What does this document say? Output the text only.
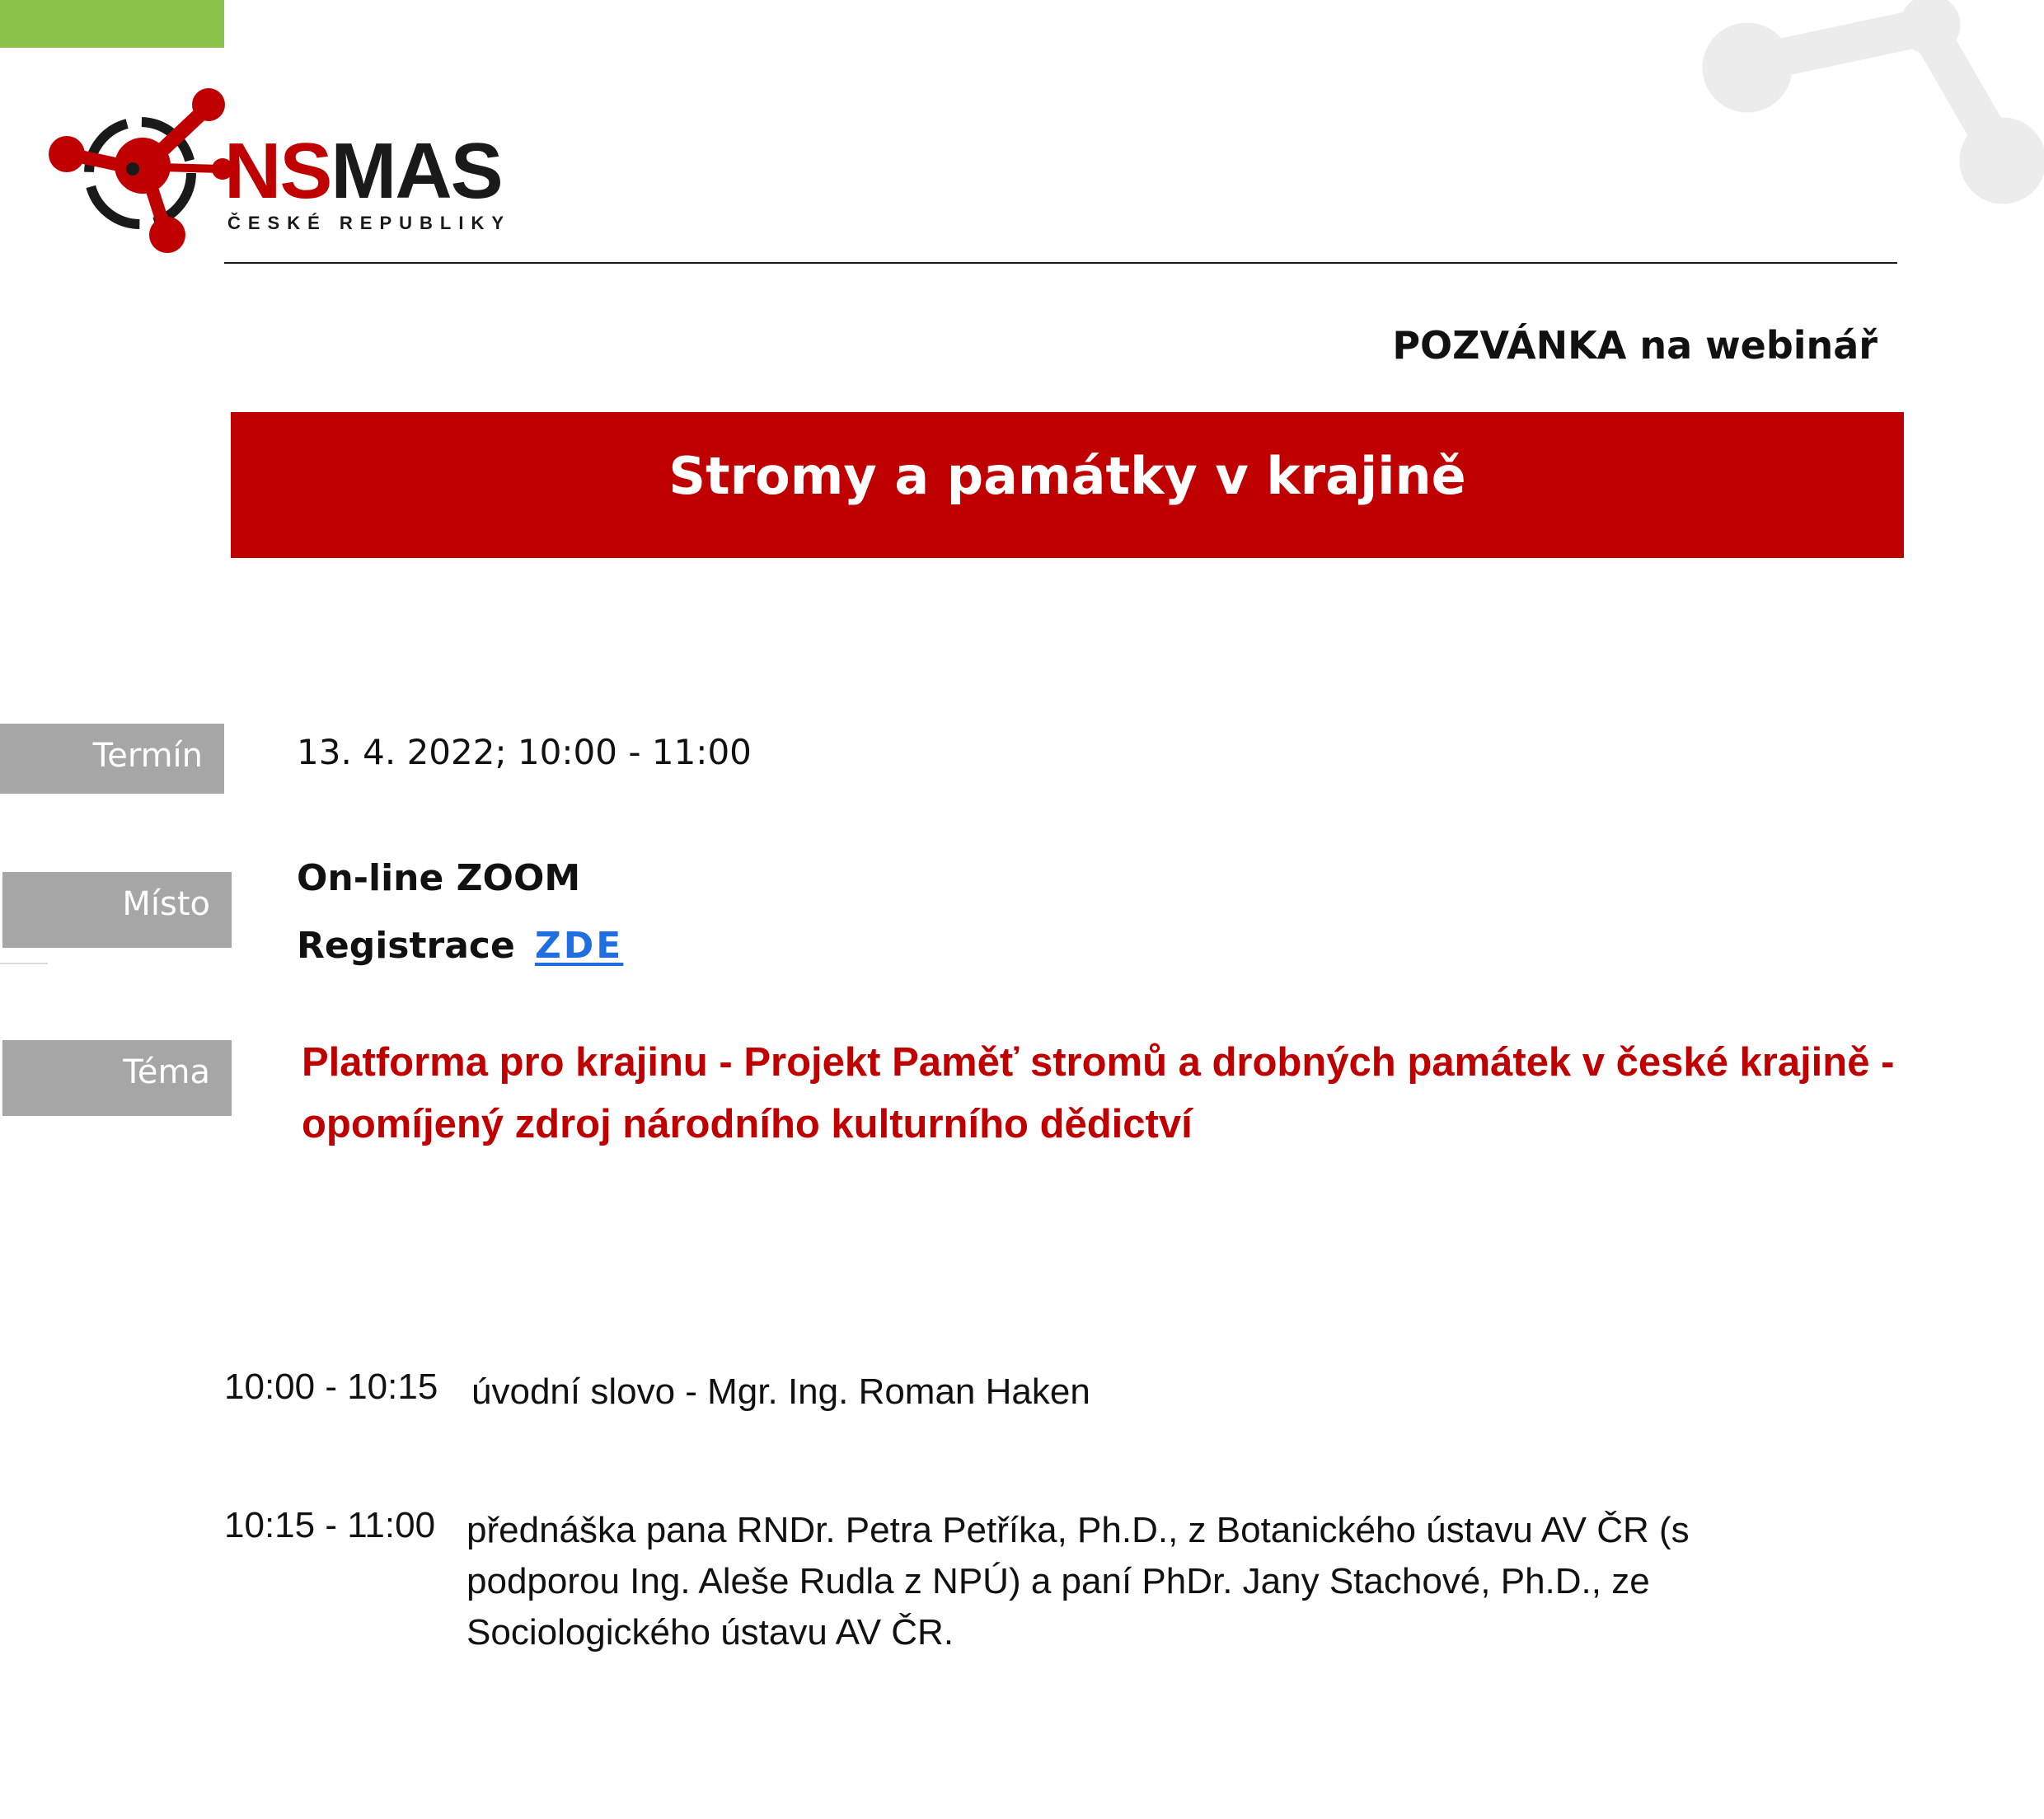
NSMAS
ČESKÉ REPUBLIKY
POZVÁNKA na webinář
Stromy a památky v krajině
Termín	13. 4. 2022; 10:00 - 11:00
Místo
On-line ZOOM
Registrace ZDE
Téma Platforma pro krajinu - Projekt Paměť stromů a drobných památek v české krajině - opomíjený zdroj národního kulturního dědictví
10:00 - 10:15 úvodní slovo - Mgr. Ing. Roman Haken
10:15 - 11:00 přednáška pana RNDr. Petra Petříka, Ph.D., z Botanického ústavu AV ČR (s podporou Ing. Aleše Rudla z NPÚ) a paní PhDr. Jany Stachové, Ph.D., ze Sociologického ústavu AV ČR.
